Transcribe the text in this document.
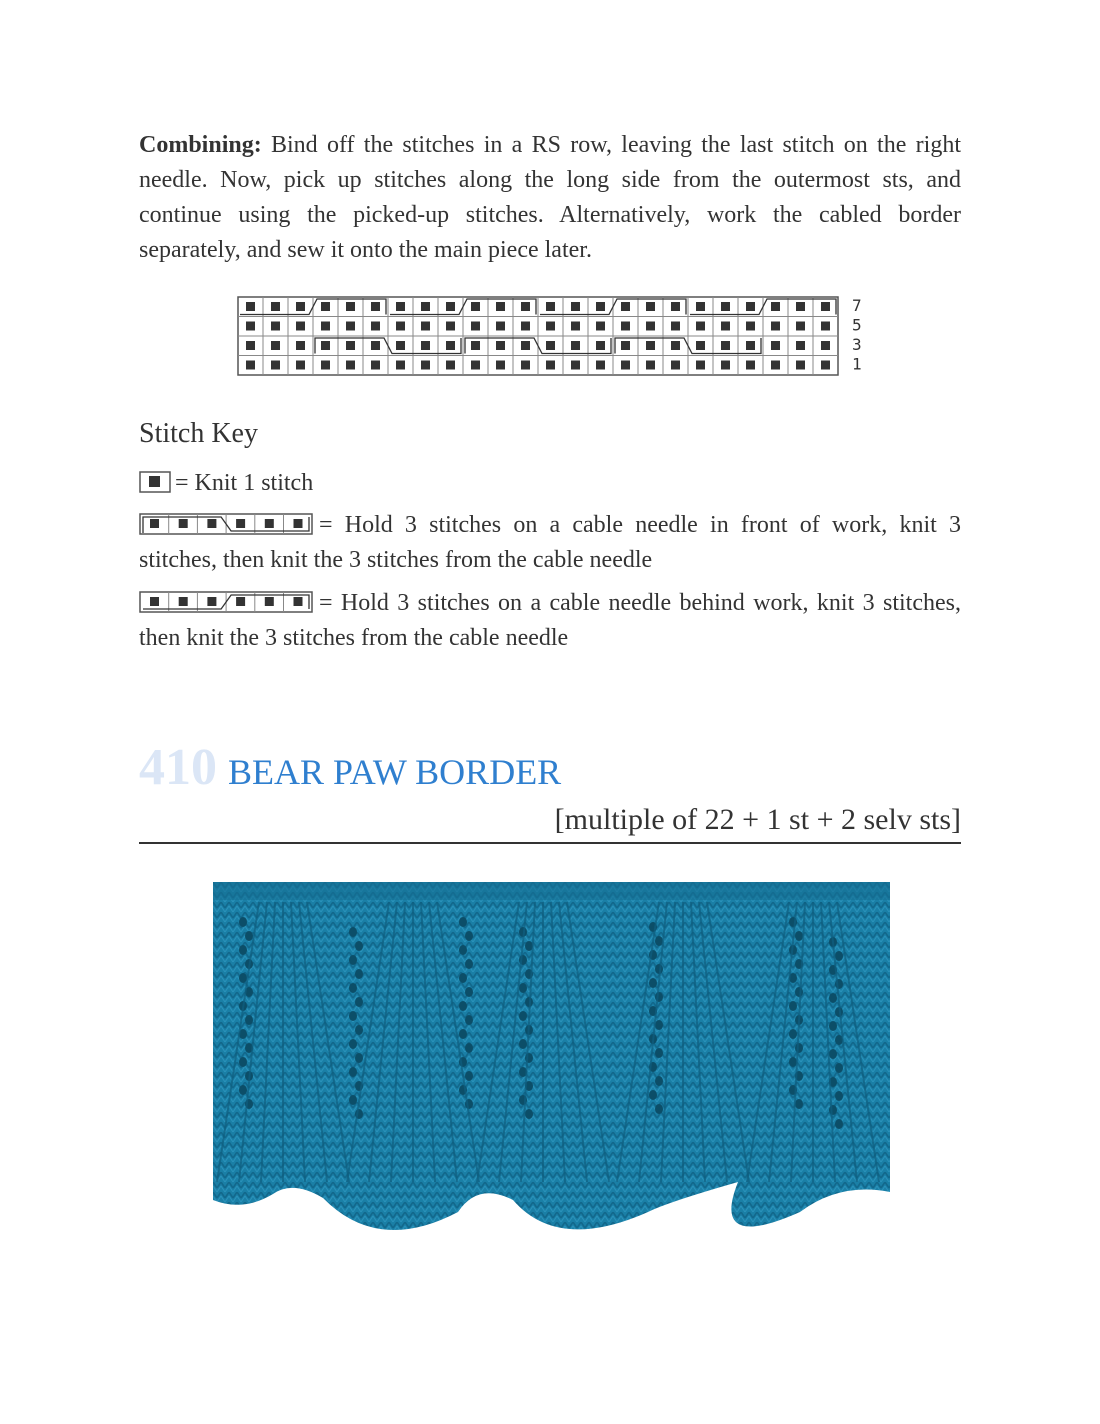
Combining: Bind off the stitches in a RS row, leaving the last stitch on the right needle. Now, pick up stitches along the long side from the outermost sts, and continue using the picked-up stitches. Alternatively, work the cabled border separately, and sew it onto the main piece later.

7
5
3
1
Stitch Key

= Knit 1 stitch

= Hold 3 stitches on a cable needle in front of work, knit 3 stitches, then knit the 3 stitches from the cable needle

= Hold 3 stitches on a cable needle behind work, knit 3 stitches, then knit the 3 stitches from the cable needle

410 BEAR PAW BORDER
[multiple of 22 + 1 st + 2 selv sts]
